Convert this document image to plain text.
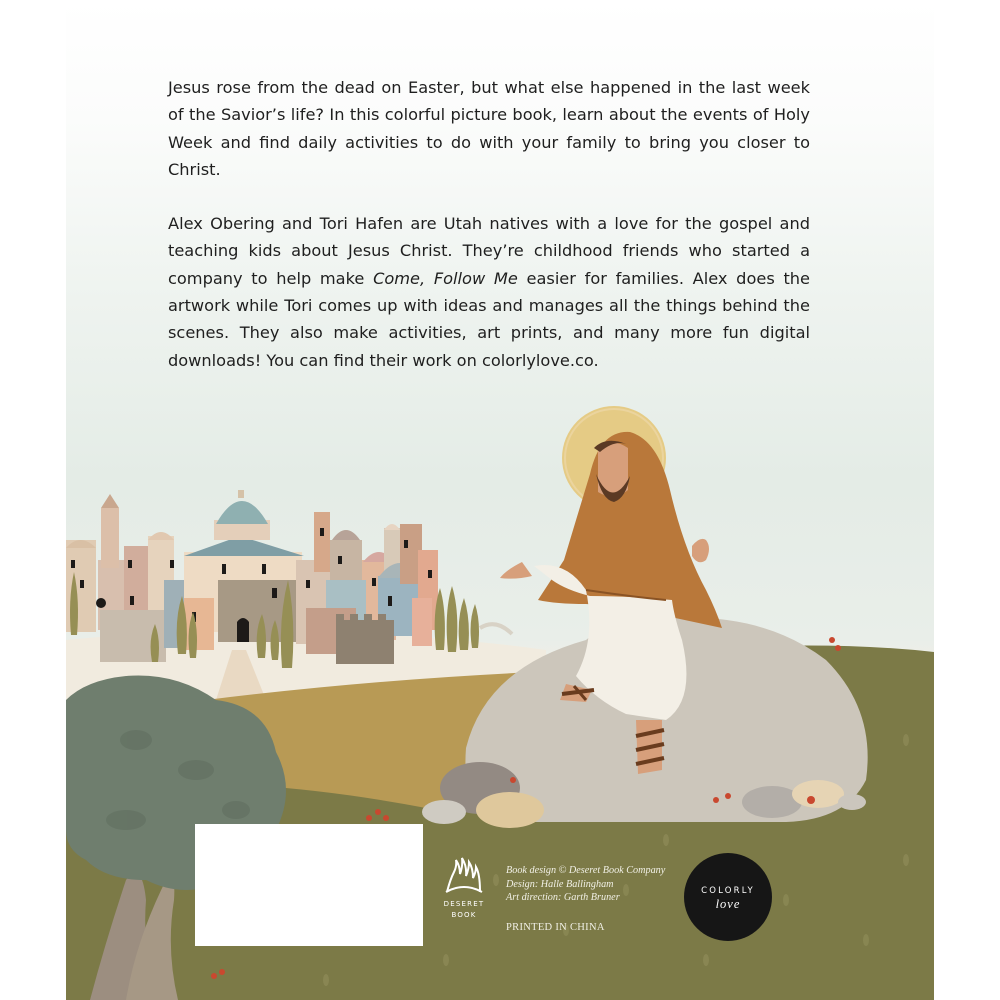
Jesus rose from the dead on Easter, but what else happened in the last week of the Savior’s life? In this colorful picture book, learn about the events of Holy Week and find daily activities to do with your family to bring you closer to Christ.

Alex Obering and Tori Hafen are Utah natives with a love for the gospel and teaching kids about Jesus Christ. They’re childhood friends who started a company to help make Come, Follow Me easier for families. Alex does the artwork while Tori comes up with ideas and manages all the things behind the scenes. They also make activities, art prints, and many more fun digital downloads! You can find their work on colorlylove.co.

DESERET
BOOK
Book design © Deseret Book Company
Design: Halle Ballingham
Art direction: Garth Bruner
PRINTED IN CHINA
COLORLY
love
